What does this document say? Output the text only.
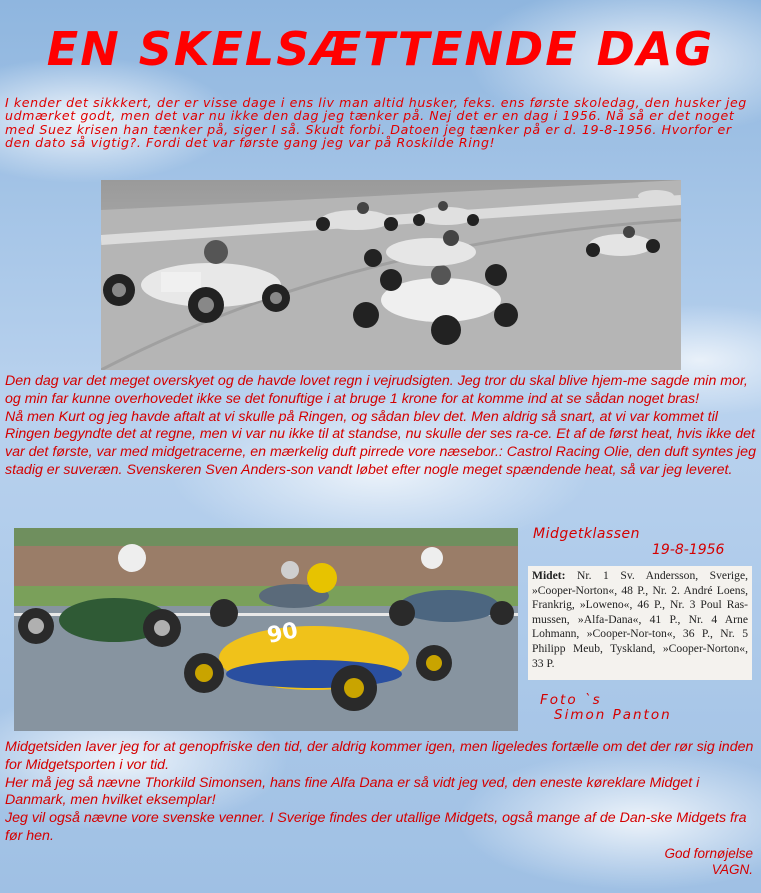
EN SKELSÆTTENDE DAG

I kender det sikkkert, der er visse dage i ens liv man altid husker, feks. ens første skoledag, den husker jeg udmærket godt, men det var nu ikke den dag jeg tænker på. Nej det er en dag i 1956. Nå så er det noget med Suez krisen han tænker på, siger I så. Skudt forbi. Datoen jeg tænker på er d. 19-8-1956. Hvorfor er den dato så vigtig?. Fordi det var første gang jeg var på Roskilde Ring!

Den dag var det meget overskyet og de havde lovet regn i vejrudsigten. Jeg tror du skal blive hjem-me sagde min mor, og min far kunne overhovedet ikke se det fonuftige i at bruge 1 krone for at komme ind at se sådan noget bras!

Nå men Kurt og jeg havde aftalt at vi skulle på Ringen, og sådan blev det. Men aldrig så snart, at vi var kommet til Ringen begyndte det at regne, men vi var nu ikke til at standse, nu skulle der ses ra-ce. Et af de først heat, hvis ikke det var det første, var med midgetracerne, en mærkelig duft pirrede vore næsebor.: Castrol Racing Olie, den duft syntes jeg stadig er suveræn. Svenskeren Sven Anders-son vandt løbet efter nogle meget spændende heat, så var jeg leveret.

90

Midgetklassen

19-8-1956

Midet: Nr. 1 Sv. Andersson, Sverige, »Cooper-Norton«, 48 P., Nr. 2. André Loens, Frankrig, »Loweno«, 46 P., Nr. 3 Poul Ras-mussen, »Alfa-Dana«, 41 P., Nr. 4 Arne Lohmann, »Cooper-Nor-ton«, 36 P., Nr. 5 Philipp Meub, Tyskland, »Cooper-Norton«, 33 P.

Foto `s
Simon Panton

Midgetsiden laver jeg for at genopfriske den tid, der aldrig kommer igen, men ligeledes fortælle om det der rør sig inden for Midgetsporten i vor tid.

Her må jeg så nævne Thorkild Simonsen, hans fine Alfa Dana er så vidt jeg ved, den eneste køreklare Midget i Danmark, men hvilket eksemplar!

Jeg vil også nævne vore svenske venner. I Sverige findes der utallige Midgets, også mange af de Dan-ske Midgets fra før hen.

God fornøjelse
VAGN.
